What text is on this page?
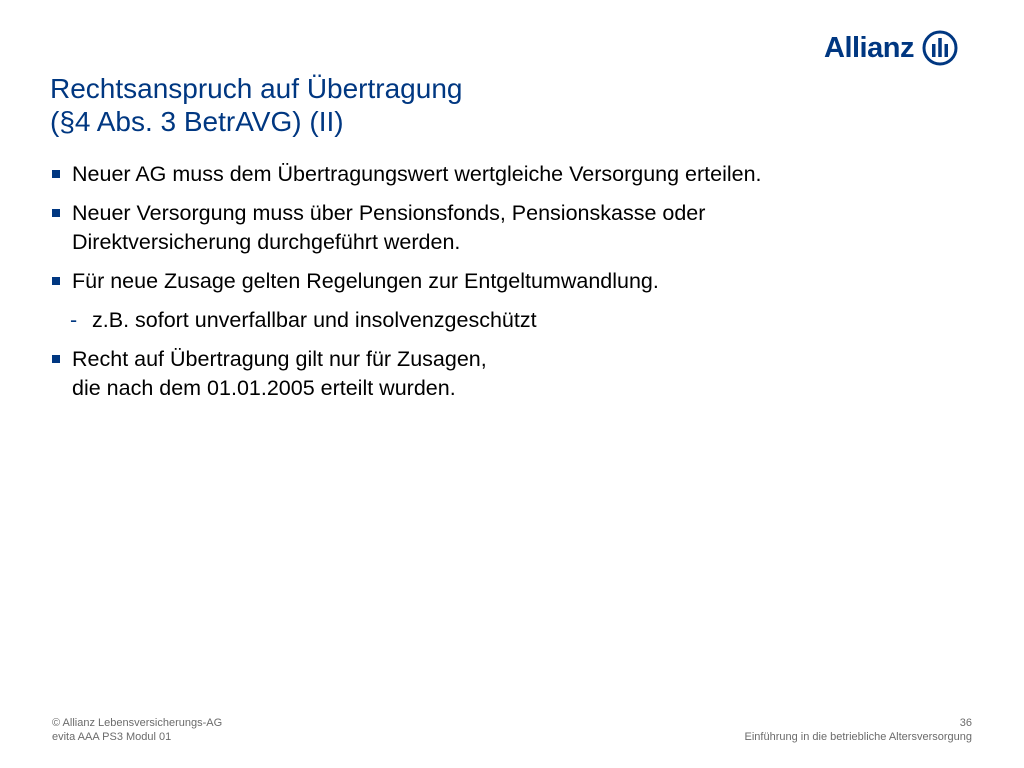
Allianz
Rechtsanspruch auf Übertragung
(§4 Abs. 3 BetrAVG) (II)
Neuer AG muss dem Übertragungswert wertgleiche Versorgung erteilen.
Neuer Versorgung muss über Pensionsfonds, Pensionskasse oder
Direktversicherung durchgeführt werden.
Für neue Zusage gelten Regelungen zur Entgeltumwandlung.
- z.B. sofort unverfallbar und insolvenzgeschützt
Recht auf Übertragung gilt nur für Zusagen,
die nach dem 01.01.2005 erteilt wurden.
© Allianz Lebensversicherungs-AG
evita AAA PS3 Modul 01
36
Einführung in die betriebliche Altersversorgung
